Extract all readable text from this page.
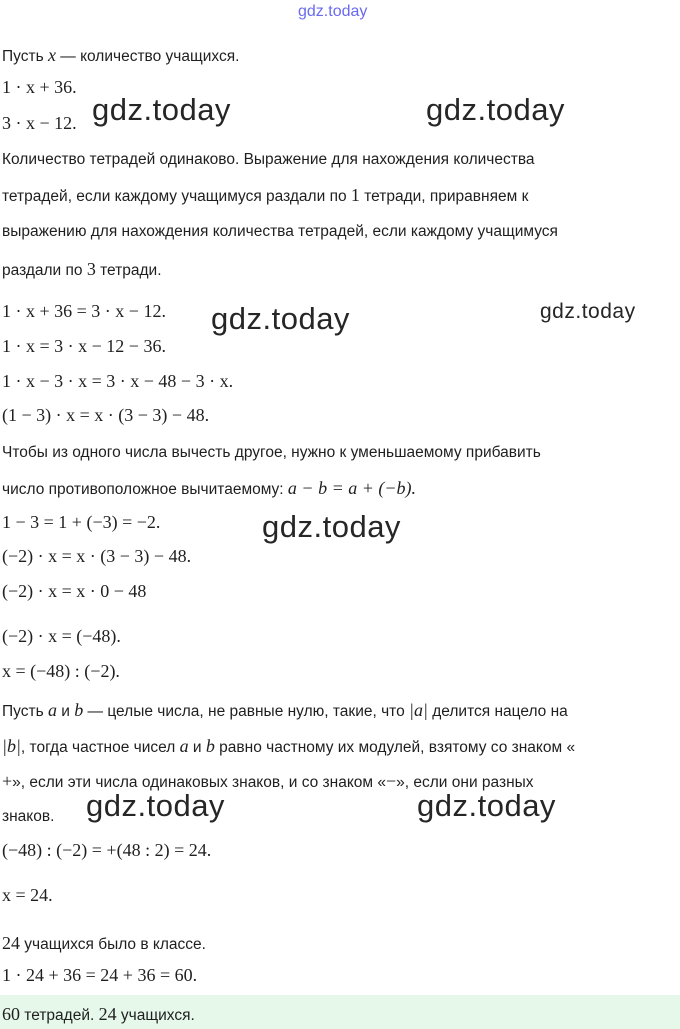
gdz.today
Пусть x — количество учащихся.
1 · x + 36.
3 · x − 12.
Количество тетрадей одинаково. Выражение для нахождения количества
тетрадей, если каждому учащимуся раздали по 1 тетради, приравняем к
выражению для нахождения количества тетрадей, если каждому учащимуся
раздали по 3 тетради.
1 · x + 36 = 3 · x − 12.
1 · x = 3 · x − 12 − 36.
1 · x − 3 · x = 3 · x − 48 − 3 · x.
(1 − 3) · x = x · (3 − 3) − 48.
Чтобы из одного числа вычесть другое, нужно к уменьшаемому прибавить
число противоположное вычитаемому: a − b = a + (−b).
1 − 3 = 1 + (−3) = −2.
(−2) · x = x · (3 − 3) − 48.
(−2) · x = x · 0 − 48
(−2) · x = (−48).
x = (−48) : (−2).
Пусть a и b — целые числа, не равные нулю, такие, что |a| делится нацело на
|b|, тогда частное чисел a и b равно частному их модулей, взятому со знаком «
+», если эти числа одинаковых знаков, и со знаком «−», если они разных
знаков.
(−48) : (−2) = +(48 : 2) = 24.
x = 24.
24 учащихся было в классе.
1 · 24 + 36 = 24 + 36 = 60.
60 тетрадей. 24 учащихся.
gdz.today	gdz.today
gdz.today	gdz.today
gdz.today
gdz.today	gdz.today
